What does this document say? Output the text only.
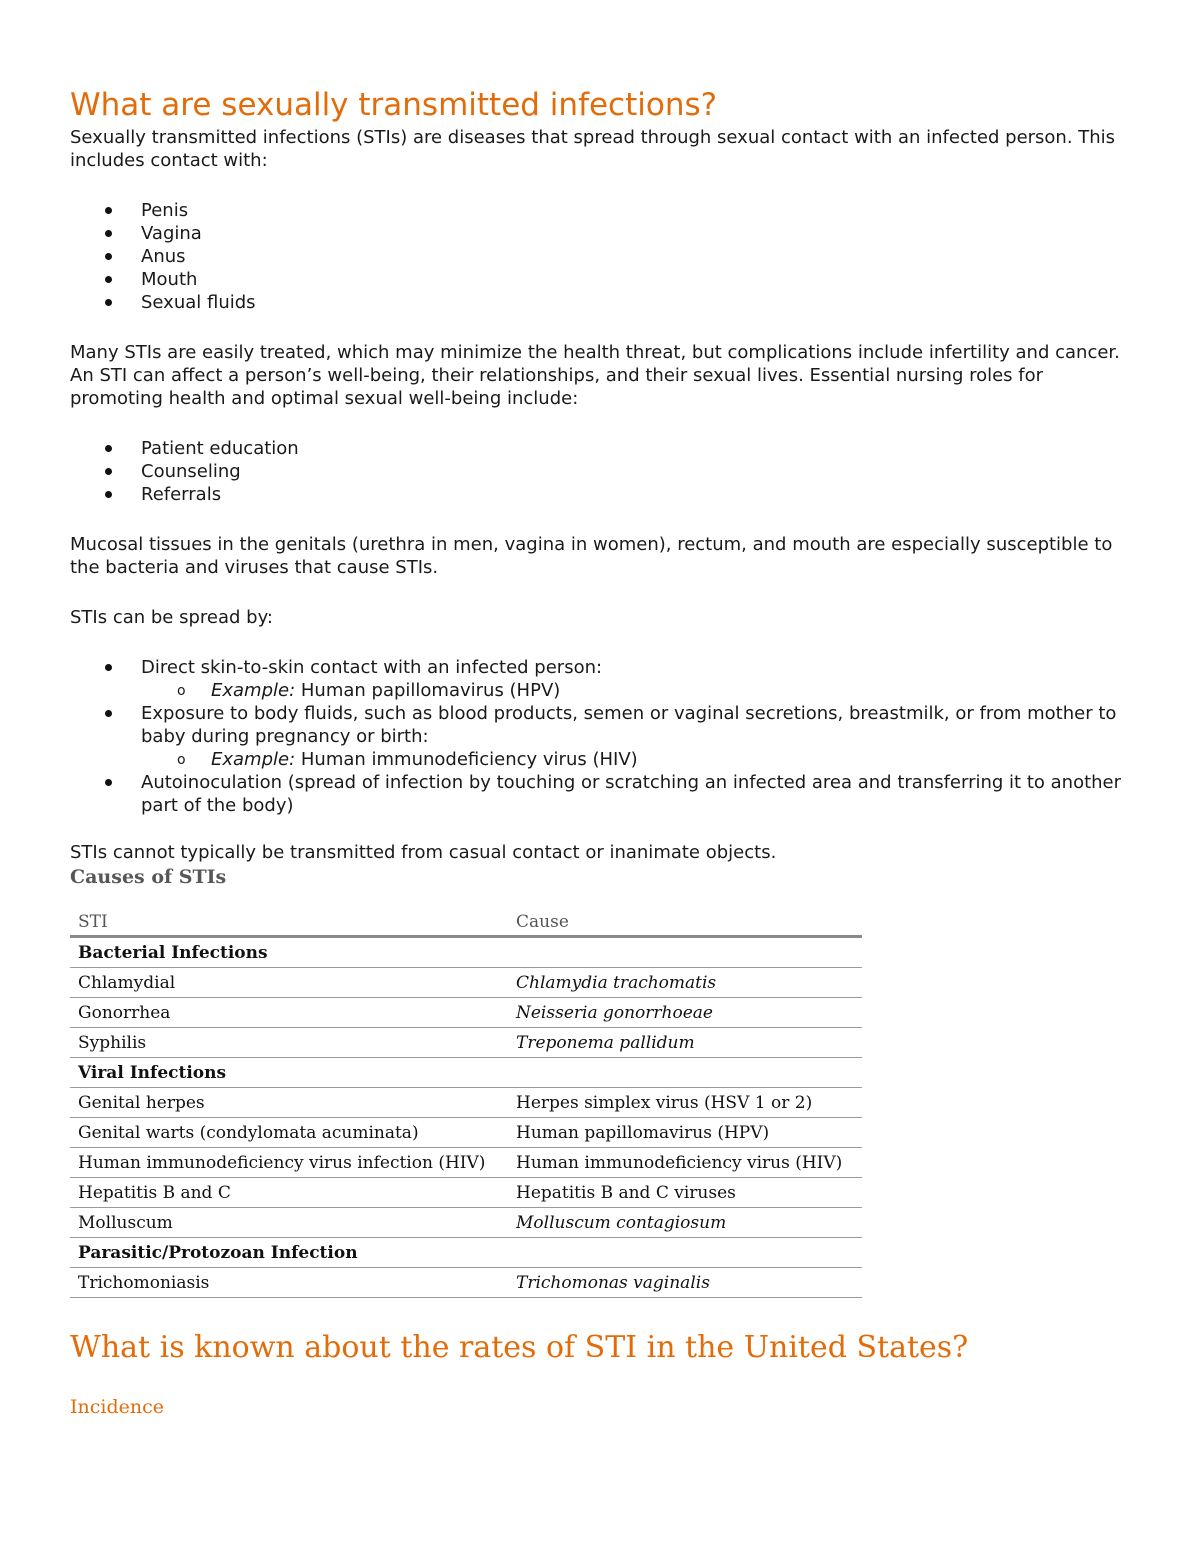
What are sexually transmitted infections?

Sexually transmitted infections (STIs) are diseases that spread through sexual contact with an infected person. This includes contact with:

Penis
Vagina
Anus
Mouth
Sexual fluids

Many STIs are easily treated, which may minimize the health threat, but complications include infertility and cancer. An STI can affect a person’s well-being, their relationships, and their sexual lives. Essential nursing roles for promoting health and optimal sexual well-being include:

Patient education
Counseling
Referrals

Mucosal tissues in the genitals (urethra in men, vagina in women), rectum, and mouth are especially susceptible to the bacteria and viruses that cause STIs.

STIs can be spread by:

Direct skin-to-skin contact with an infected person:
o Example: Human papillomavirus (HPV)
Exposure to body fluids, such as blood products, semen or vaginal secretions, breastmilk, or from mother to baby during pregnancy or birth:
o Example: Human immunodeficiency virus (HIV)
Autoinoculation (spread of infection by touching or scratching an infected area and transferring it to another part of the body)

STIs cannot typically be transmitted from casual contact or inanimate objects.

Causes of STIs
STI	Cause
Bacterial Infections	
Chlamydial	Chlamydia trachomatis
Gonorrhea	Neisseria gonorrhoeae
Syphilis	Treponema pallidum
Viral Infections	
Genital herpes	Herpes simplex virus (HSV 1 or 2)
Genital warts (condylomata acuminata)	Human papillomavirus (HPV)
Human immunodeficiency virus infection (HIV)	Human immunodeficiency virus (HIV)
Hepatitis B and C	Hepatitis B and C viruses
Molluscum	Molluscum contagiosum
Parasitic/Protozoan Infection	
Trichomoniasis	Trichomonas vaginalis
What is known about the rates of STI in the United States?
Incidence
